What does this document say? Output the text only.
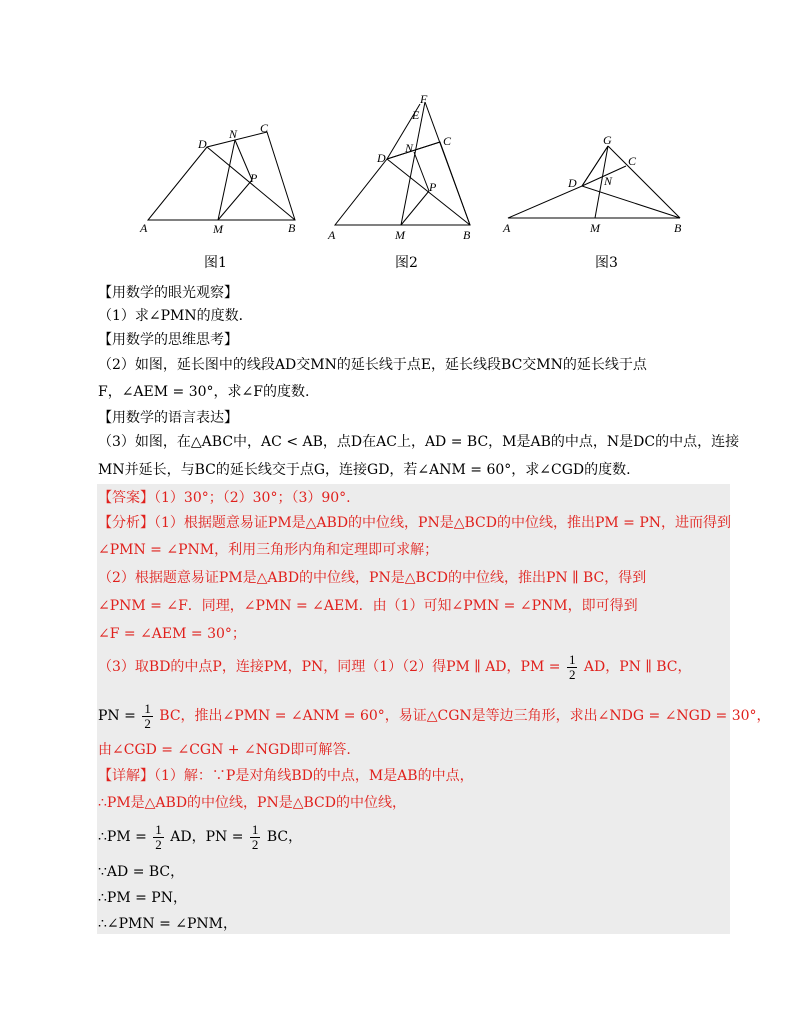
A	B
C
D
M
N
P
图1
A	B
C
D
E
F
M
N
P
图2
A	B
C
D
G
M
N
图3
【用数学的眼光观察】
（1）求∠PMN的度数．
【用数学的思维思考】
（2）如图，延长图中的线段AD交MN的延长线于点E，延长线段BC交MN的延长线于点
F，∠AEM = 30°，求∠F的度数.
【用数学的语言表达】
（3）如图，在△ABC中，AC < AB，点D在AC上，AD = BC，M是AB的中点，N是DC的中点，连接
MN并延长，与BC的延长线交于点G，连接GD，若∠ANM = 60°，求∠CGD的度数.
【答案】（1）30°；（2）30°；（3）90°.
【分析】（1）根据题意易证PM是△ABD的中位线，PN是△BCD的中位线，推出PM = PN，进而得到
∠PMN = ∠PNM，利用三角形内角和定理即可求解；
（2）根据题意易证PM是△ABD的中位线，PN是△BCD的中位线，推出PN ∥ BC，得到
∠PNM = ∠F．同理，∠PMN = ∠AEM．由（1）可知∠PMN = ∠PNM，即可得到
∠F = ∠AEM = 30°；
（3）取BD的中点P，连接PM，PN，同理（1）（2）得PM ∥ AD，PM = $\frac{1}{2}$ AD，PN ∥ BC，
PN = $\frac{1}{2}$ BC，推出∠PMN = ∠ANM = 60°，易证△CGN是等边三角形，求出∠NDG = ∠NGD = 30°，
由∠CGD = ∠CGN + ∠NGD即可解答.
【详解】（1）解：∵P是对角线BD的中点，M是AB的中点，
∴PM是△ABD的中位线，PN是△BCD的中位线，
∴PM = $\frac{1}{2}$ AD，PN = $\frac{1}{2}$ BC，
∵AD = BC，
∴PM = PN，
∴∠PMN = ∠PNM，
